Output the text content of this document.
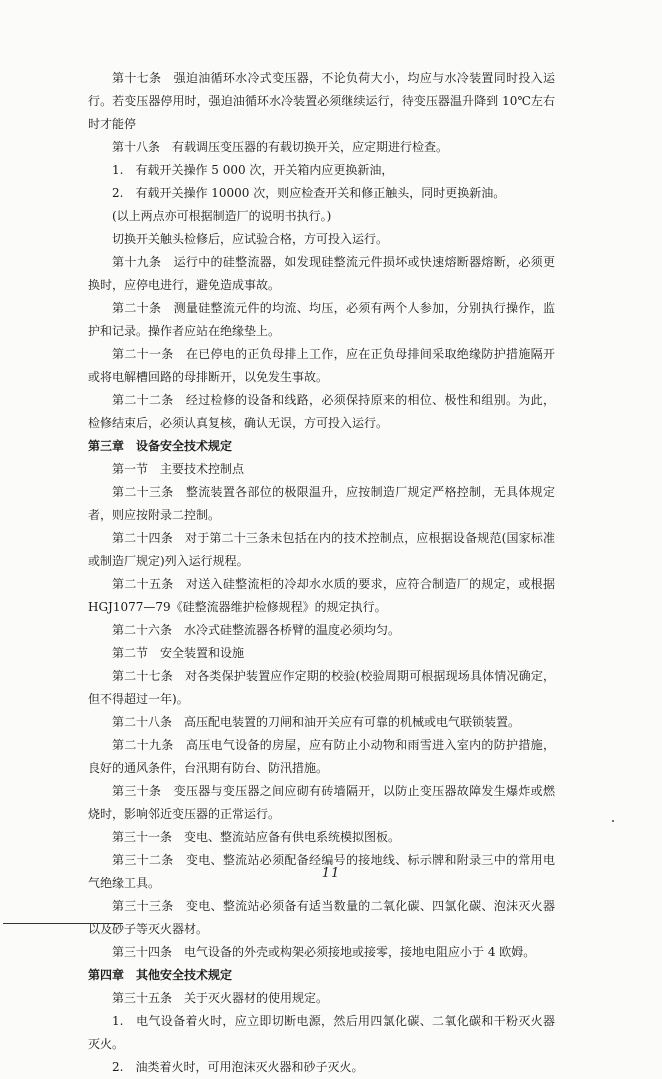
第十七条　强迫油循环水冷式变压器，不论负荷大小，均应与水冷装置同时投入运行。若变压器停用时，强迫油循环水冷装置必须继续运行，待变压器温升降到 10℃左右时才能停

第十八条　有载调压变压器的有载切换开关，应定期进行检查。

1.　有载开关操作 5 000 次，开关箱内应更换新油，

2.　有载开关操作 10000 次，则应检查开关和修正触头，同时更换新油。

(以上两点亦可根据制造厂的说明书执行。)

切换开关触头检修后，应试验合格，方可投入运行。

第十九条　运行中的硅整流器，如发现硅整流元件损坏或快速熔断器熔断，必须更换时，应停电进行，避免造成事故。

第二十条　测量硅整流元件的均流、均压，必须有两个人参加，分别执行操作，监护和记录。操作者应站在绝缘垫上。

第二十一条　在已停电的正负母排上工作，应在正负母排间采取绝缘防护措施隔开或将电解槽回路的母排断开，以免发生事故。

第二十二条　经过检修的设备和线路，必须保持原来的相位、极性和组别。为此，检修结束后，必须认真复核，确认无误，方可投入运行。

第三章　设备安全技术规定

第一节　主要技术控制点

第二十三条　整流装置各部位的极限温升，应按制造厂规定严格控制，无具体规定者，则应按附录二控制。

第二十四条　对于第二十三条未包括在内的技术控制点，应根据设备规范(国家标准或制造厂规定)列入运行规程。

第二十五条　对送入硅整流柜的冷却水水质的要求，应符合制造厂的规定，或根据 HGJ1077—79《硅整流器维护检修规程》的规定执行。

第二十六条　水冷式硅整流器各桥臂的温度必须均匀。

第二节　安全装置和设施

第二十七条　对各类保护装置应作定期的校验(校验周期可根据现场具体情况确定，但不得超过一年)。

第二十八条　高压配电装置的刀闸和油开关应有可靠的机械或电气联锁装置。

第二十九条　高压电气设备的房屋，应有防止小动物和雨雪进入室内的防护措施，良好的通风条件，台汛期有防台、防汛措施。

第三十条　变压器与变压器之间应砌有砖墙隔开，以防止变压器故障发生爆炸或燃烧时，影响邻近变压器的正常运行。

第三十一条　变电、整流站应备有供电系统模拟图板。

第三十二条　变电、整流站必须配备经编号的接地线、标示牌和附录三中的常用电气绝缘工具。

第三十三条　变电、整流站必须备有适当数量的二氧化碳、四氯化碳、泡沫灭火器以及砂子等灭火器材。

第三十四条　电气设备的外壳或构架必须接地或接零，接地电阻应小于 4 欧姆。

第四章　其他安全技术规定

第三十五条　关于灭火器材的使用规定。

1.　电气设备着火时，应立即切断电源，然后用四氯化碳、二氧化碳和干粉灭火器灭火。

2.　油类着火时，可用泡沫灭火器和砂子灭火。

11
